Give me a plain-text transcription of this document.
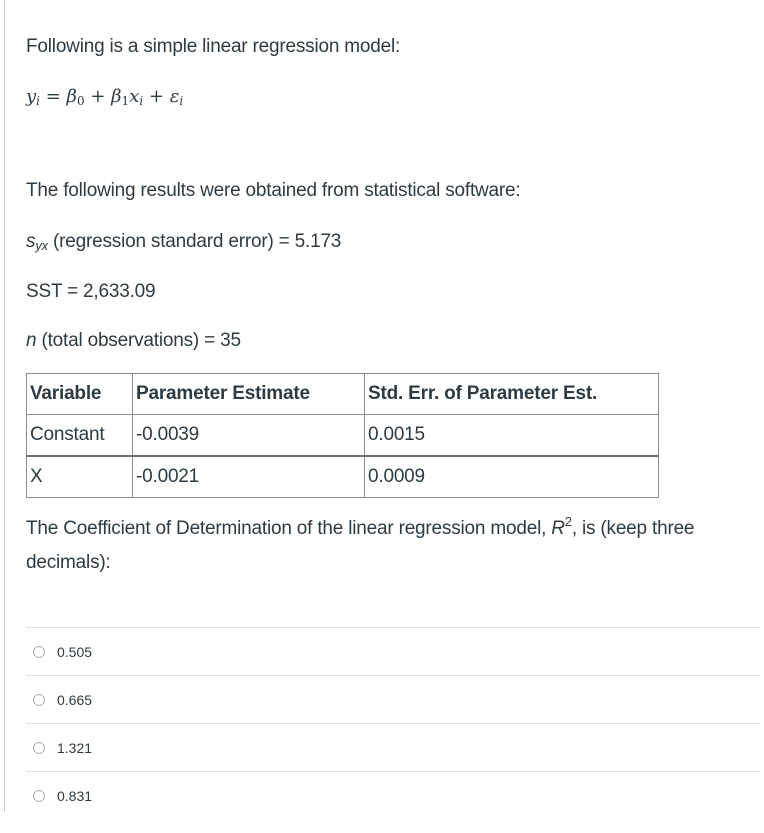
Following is a simple linear regression model:

$y_i = \beta_0 + \beta_1x_i + \varepsilon_i$

The following results were obtained from statistical software:

$s_{yx}$ (regression standard error) = 5.173

SST = 2,633.09

n (total observations) = 35

Variable	Parameter Estimate	Std. Err. of Parameter Est.
Constant	-0.0039	0.0015
X	-0.0021	0.0009

The Coefficient of Determination of the linear regression model, $R^2$, is (keep three decimals):

0.505
0.665
1.321
0.831
